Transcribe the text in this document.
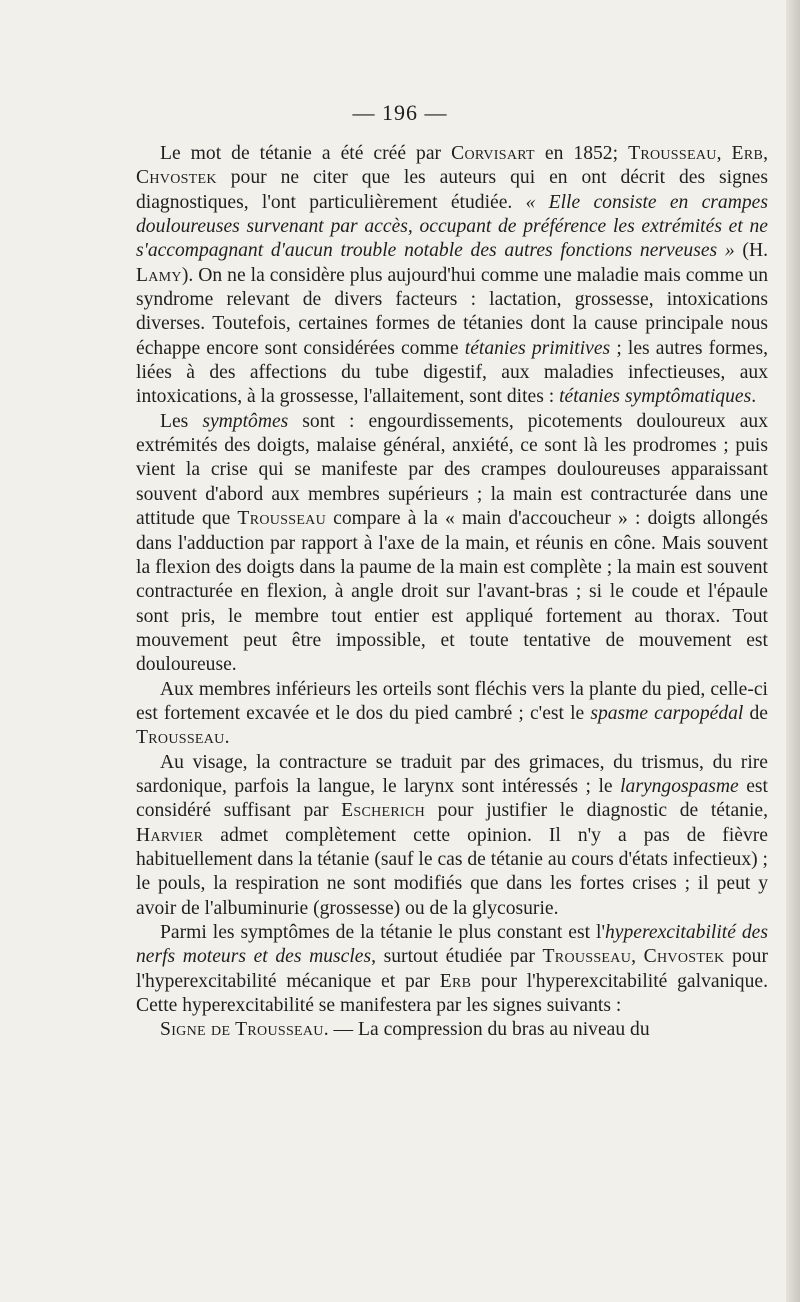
— 196 —

Le mot de tétanie a été créé par Corvisart en 1852; Trousseau, Erb, Chvostek pour ne citer que les auteurs qui en ont décrit des signes diagnostiques, l'ont particulièrement étudiée. « Elle consiste en crampes douloureuses survenant par accès, occupant de préférence les extrémités et ne s'accompagnant d'aucun trouble notable des autres fonctions nerveuses » (H. Lamy). On ne la considère plus aujourd'hui comme une maladie mais comme un syndrome relevant de divers facteurs : lactation, grossesse, intoxications diverses. Toutefois, certaines formes de tétanies dont la cause principale nous échappe encore sont considérées comme tétanies primitives ; les autres formes, liées à des affections du tube digestif, aux maladies infectieuses, aux intoxications, à la grossesse, l'allaitement, sont dites : tétanies symptômatiques.

Les symptômes sont : engourdissements, picotements douloureux aux extrémités des doigts, malaise général, anxiété, ce sont là les prodromes ; puis vient la crise qui se manifeste par des crampes douloureuses apparaissant souvent d'abord aux membres supérieurs ; la main est contracturée dans une attitude que Trousseau compare à la « main d'accoucheur » : doigts allongés dans l'adduction par rapport à l'axe de la main, et réunis en cône. Mais souvent la flexion des doigts dans la paume de la main est complète ; la main est souvent contracturée en flexion, à angle droit sur l'avant-bras ; si le coude et l'épaule sont pris, le membre tout entier est appliqué fortement au thorax. Tout mouvement peut être impossible, et toute tentative de mouvement est douloureuse.

Aux membres inférieurs les orteils sont fléchis vers la plante du pied, celle-ci est fortement excavée et le dos du pied cambré ; c'est le spasme carpopédal de Trousseau.

Au visage, la contracture se traduit par des grimaces, du trismus, du rire sardonique, parfois la langue, le larynx sont intéressés ; le laryngospasme est considéré suffisant par Escherich pour justifier le diagnostic de tétanie, Harvier admet complètement cette opinion. Il n'y a pas de fièvre habituellement dans la tétanie (sauf le cas de tétanie au cours d'états infectieux) ; le pouls, la respiration ne sont modifiés que dans les fortes crises ; il peut y avoir de l'albuminurie (grossesse) ou de la glycosurie.

Parmi les symptômes de la tétanie le plus constant est l'hyperexcitabilité des nerfs moteurs et des muscles, surtout étudiée par Trousseau, Chvostek pour l'hyperexcitabilité mécanique et par Erb pour l'hyperexcitabilité galvanique. Cette hyperexcitabilité se manifestera par les signes suivants :

Signe de Trousseau. — La compression du bras au niveau du
